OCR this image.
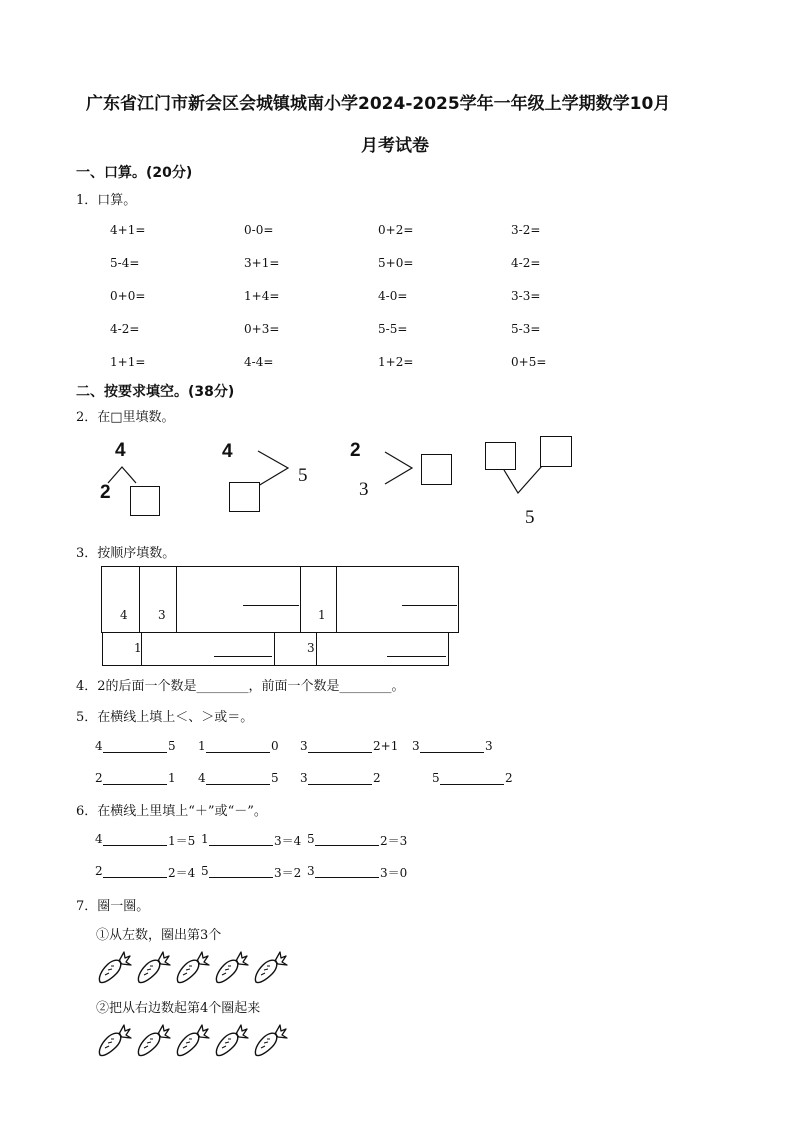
广东省江门市新会区会城镇城南小学2024-2025学年一年级上学期数学10月
月考试卷
一、口算。(20分)
1．口算。
4+1=	0-0=	0+2=	3-2=
5-4=	3+1=	5+0=	4-2=
0+0=	1+4=	4-0=	3-3=
4-2=	0+3=	5-5=	5-3=
1+1=	4-4=	1+2=	0+5=
二、按要求填空。(38分)
2．在□里填数。
4
2
4
5
2
3
5
3．按顺序填数。
4	3	1
1	3
4．2的后面一个数是________，前面一个数是________。
5．在横线上填上＜、＞或＝。
4	5 1	0 3	2+1 3	3
2	1 4	5 3	2	5	2
6．在横线上里填上“＋”或“－”。
4	1＝5 1	3＝4 5	2＝3
2	2＝4 5	3＝2 3	3＝0
7．圈一圈。
①从左数，圈出第3个
②把从右边数起第4个圈起来
